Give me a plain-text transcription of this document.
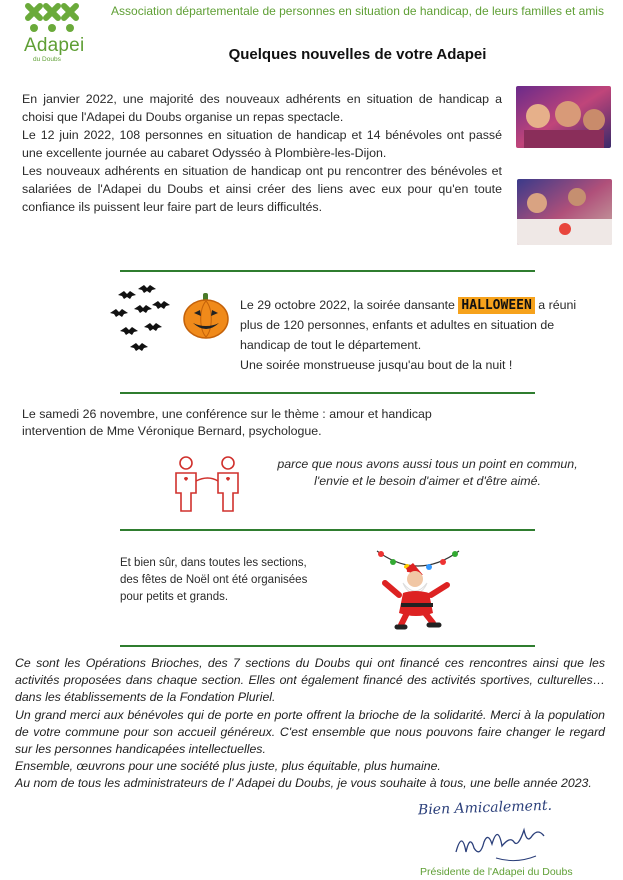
Adapei
du Doubs
Association départementale de personnes en situation de handicap, de leurs familles et amis
Quelques nouvelles de votre Adapei

En janvier 2022, une majorité des nouveaux adhérents en situation de handicap a choisi que l'Adapei du Doubs organise un repas spectacle.

Le 12 juin 2022, 108 personnes en situation de handicap et 14 bénévoles ont passé une excellente journée au cabaret Odysséo à Plombière-les-Dijon.

Les nouveaux adhérents en situation de handicap ont pu rencontrer des bénévoles et salariées de l'Adapei du Doubs et ainsi créer des liens avec eux pour qu'en toute confiance ils puissent leur faire part de leurs difficultés.

Le 29 octobre 2022, la soirée dansante HALLOWEEN a réuni plus de 120 personnes, enfants et adultes en situation de handicap de tout le département.
Une soirée monstrueuse jusqu'au bout de la nuit !

Le samedi 26 novembre, une conférence sur le thème : amour et handicap

intervention de Mme Véronique Bernard, psychologue.

parce que nous avons aussi tous un point en commun,
l'envie et le besoin d'aimer et d'être aimé.
Et bien sûr, dans toutes les sections,
des fêtes de Noël ont été organisées
pour petits et grands.

Ce sont les Opérations Brioches, des 7 sections du Doubs qui ont financé ces rencontres ainsi que les activités proposées dans chaque section. Elles ont également financé des activités sportives, culturelles…dans les établissements de la Fondation Pluriel.

Un grand merci aux bénévoles qui de porte en porte offrent la brioche de la solidarité. Merci à la population de votre commune pour son accueil généreux. C'est ensemble que nous pouvons faire changer le regard sur les personnes handicapées intellectuelles.

Ensemble, œuvrons pour une société plus juste, plus équitable, plus humaine.

Au nom de tous les administrateurs de l' Adapei du Doubs, je vous souhaite à tous, une belle année 2023.

Bien Amicalement.
Présidente de l'Adapei du Doubs
